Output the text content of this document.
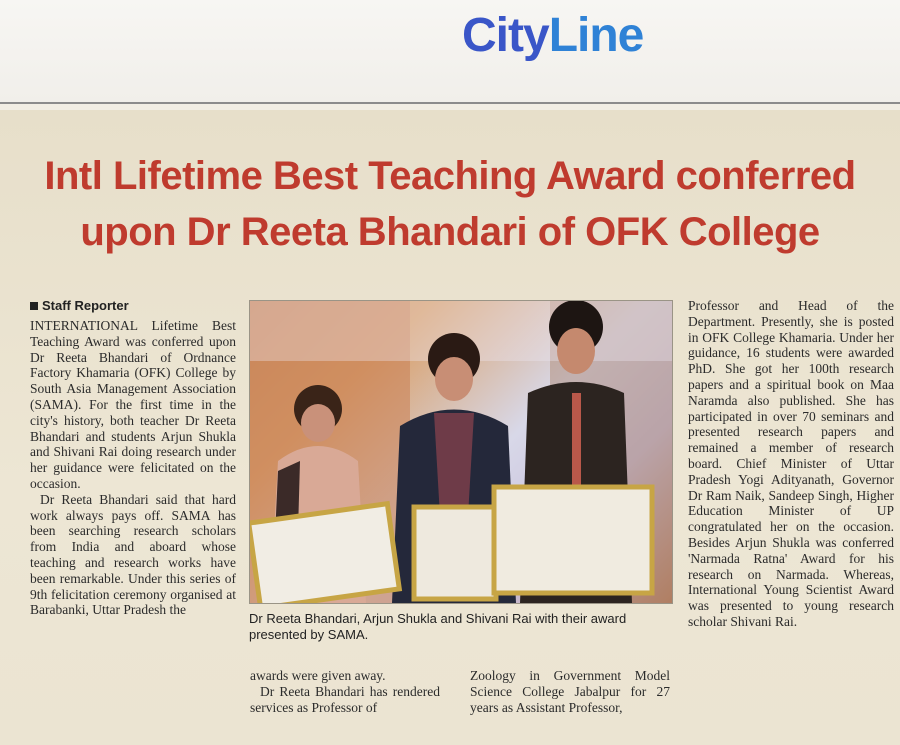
CityLine
Intl Lifetime Best Teaching Award conferred
upon Dr Reeta Bhandari of OFK College
Staff Reporter

INTERNATIONAL Lifetime Best Teaching Award was conferred upon Dr Reeta Bhandari of Ordnance Factory Khamaria (OFK) College by South Asia Management Association (SAMA). For the first time in the city's history, both teacher Dr Reeta Bhandari and students Arjun Shukla and Shivani Rai doing research under her guidance were felicitated on the occasion.

Dr Reeta Bhandari said that hard work always pays off. SAMA has been searching research scholars from India and aboard whose teaching and research works have been remarkable. Under this series of 9th felicitation ceremony organised at Barabanki, Uttar Pradesh the

Dr Reeta Bhandari, Arjun Shukla and Shivani Rai with their award presented by SAMA.

awards were given away.

Dr Reeta Bhandari has rendered services as Professor of

Zoology in Government Model Science College Jabalpur for 27 years as Assistant Professor,

Professor and Head of the Department. Presently, she is posted in OFK College Khamaria. Under her guidance, 16 students were awarded PhD. She got her 100th research papers and a spiritual book on Maa Naramda also published. She has participated in over 70 seminars and presented research papers and remained a member of research board. Chief Minister of Uttar Pradesh Yogi Adityanath, Governor Dr Ram Naik, Sandeep Singh, Higher Education Minister of UP congratulated her on the occasion. Besides Arjun Shukla was conferred 'Narmada Ratna' Award for his research on Narmada. Whereas, International Young Scientist Award was presented to young research scholar Shivani Rai.
